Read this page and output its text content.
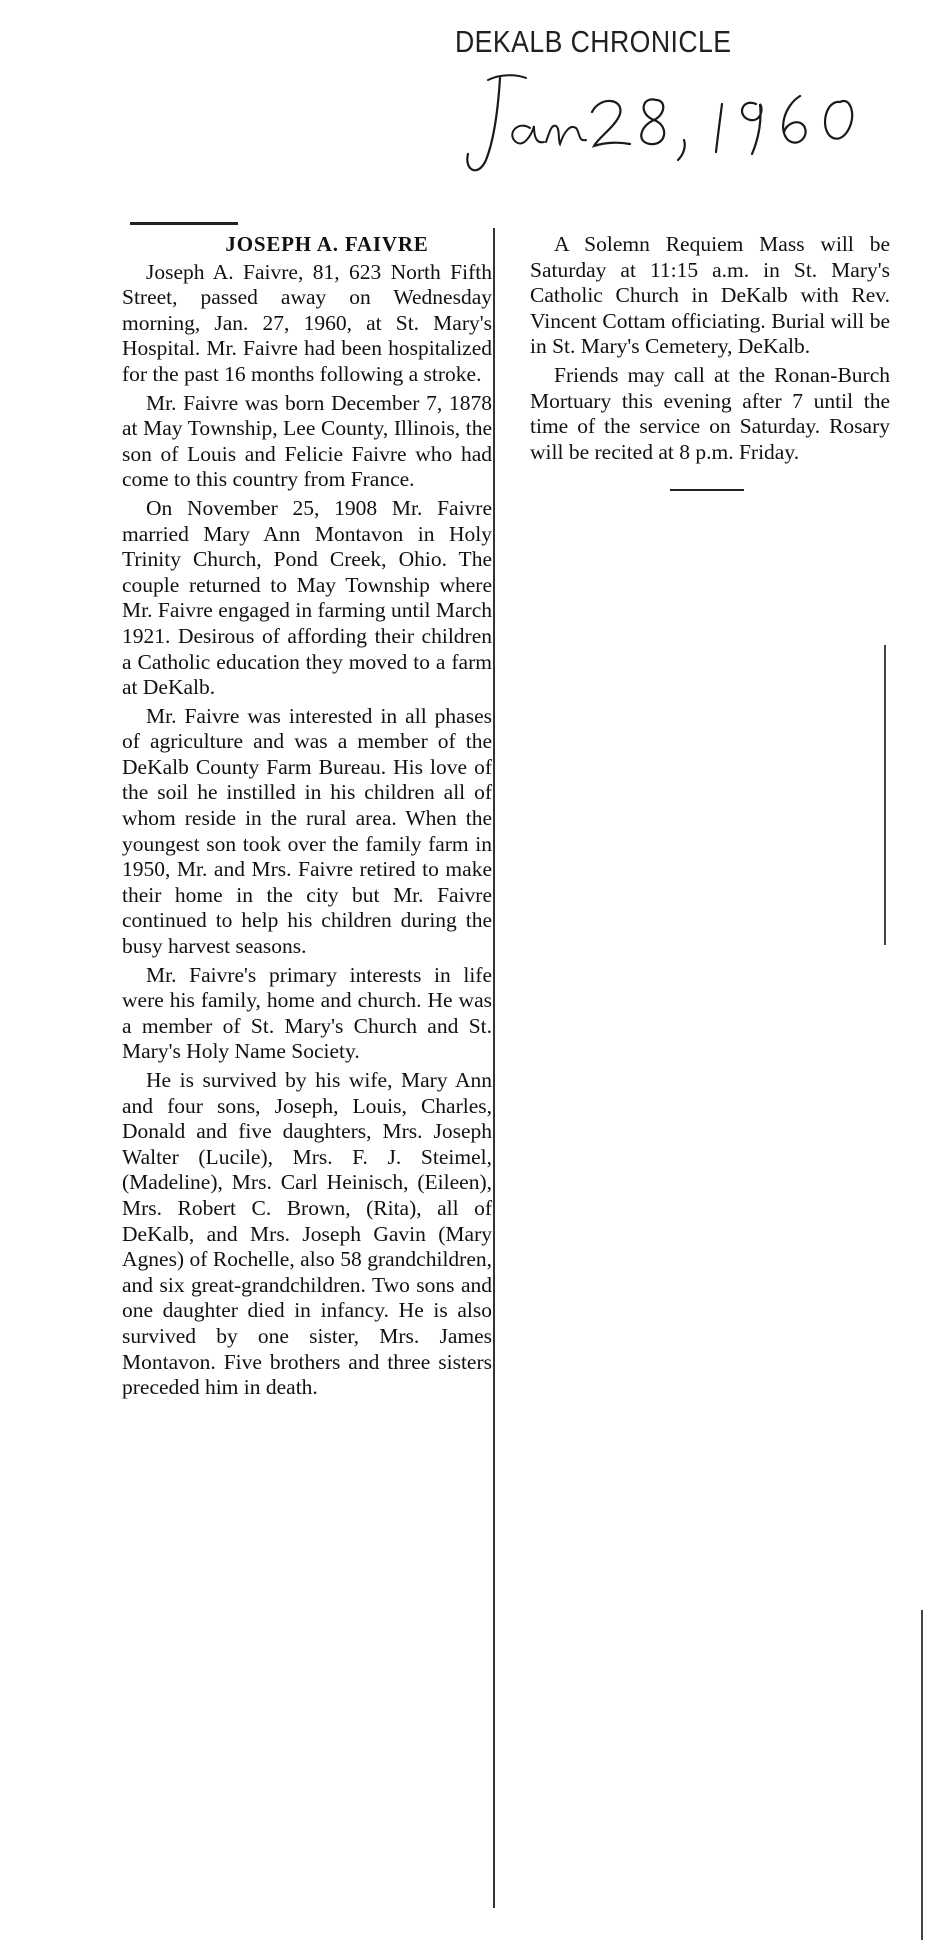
DEKALB CHRONICLE
JOSEPH A. FAIVRE

Joseph A. Faivre, 81, 623 North Fifth Street, passed away on Wednesday morning, Jan. 27, 1960, at St. Mary's Hospital. Mr. Faivre had been hospitalized for the past 16 months following a stroke.

Mr. Faivre was born December 7, 1878 at May Township, Lee County, Illinois, the son of Louis and Felicie Faivre who had come to this country from France.

On November 25, 1908 Mr. Faivre married Mary Ann Montavon in Holy Trinity Church, Pond Creek, Ohio. The couple returned to May Township where Mr. Faivre engaged in farming until March 1921. Desirous of affording their children a Catholic education they moved to a farm at DeKalb.

Mr. Faivre was interested in all phases of agriculture and was a member of the DeKalb County Farm Bureau. His love of the soil he instilled in his children all of whom reside in the rural area. When the youngest son took over the family farm in 1950, Mr. and Mrs. Faivre retired to make their home in the city but Mr. Faivre continued to help his children during the busy harvest seasons.

Mr. Faivre's primary interests in life were his family, home and church. He was a member of St. Mary's Church and St. Mary's Holy Name Society.

He is survived by his wife, Mary Ann and four sons, Joseph, Louis, Charles, Donald and five daughters, Mrs. Joseph Walter (Lucile), Mrs. F. J. Steimel, (Madeline), Mrs. Carl Heinisch, (Eileen), Mrs. Robert C. Brown, (Rita), all of DeKalb, and Mrs. Joseph Gavin (Mary Agnes) of Rochelle, also 58 grandchildren, and six great-grandchildren. Two sons and one daughter died in infancy. He is also survived by one sister, Mrs. James Montavon. Five brothers and three sisters preceded him in death.

A Solemn Requiem Mass will be Saturday at 11:15 a.m. in St. Mary's Catholic Church in DeKalb with Rev. Vincent Cottam officiating. Burial will be in St. Mary's Cemetery, DeKalb.

Friends may call at the Ronan-Burch Mortuary this evening after 7 until the time of the service on Saturday. Rosary will be recited at 8 p.m. Friday.
